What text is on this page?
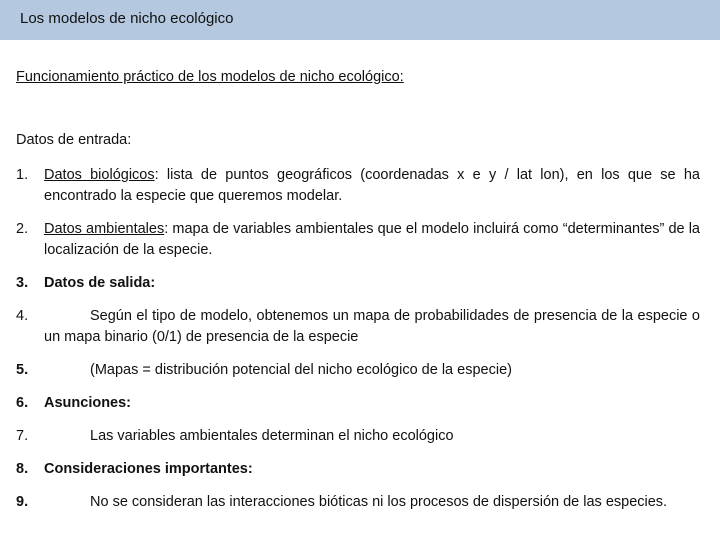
Los modelos de nicho ecológico

Funcionamiento práctico de los modelos de nicho ecológico:

Datos de entrada:
1. Datos biológicos: lista de puntos geográficos (coordenadas x e y / lat lon), en los que se ha encontrado la especie que queremos modelar.
2. Datos ambientales: mapa de variables ambientales que el modelo incluirá como “determinantes” de la localización de la especie.
3. Datos de salida:
4.	Según el tipo de modelo, obtenemos un mapa de probabilidades de presencia de la especie o un mapa binario (0/1) de presencia de la especie
5.	(Mapas = distribución potencial del nicho ecológico de la especie)
6. Asunciones:
7.	Las variables ambientales determinan el nicho ecológico
8. Consideraciones importantes:
9.	No se consideran las interacciones bióticas ni los procesos de dispersión de las especies.
